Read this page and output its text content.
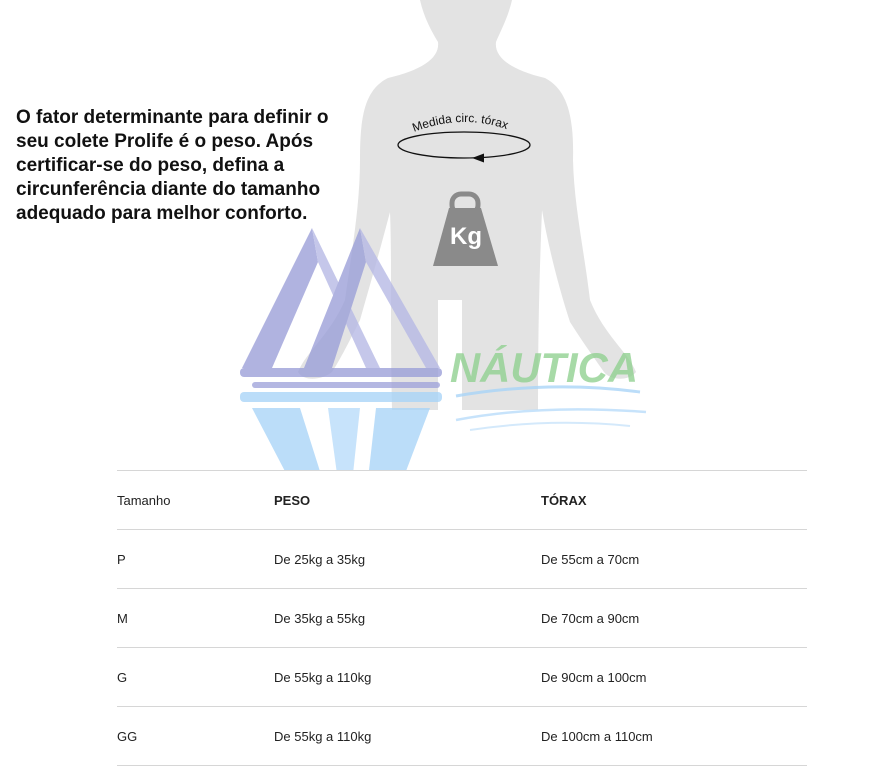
Medida circ. tórax
Kg
NÁUTICA

O fator determinante para definir o seu colete Prolife é o peso. Após certificar-se do peso, defina a circunferência diante do tamanho adequado para melhor conforto.

Tamanho	PESO	TÓRAX
P	De 25kg a 35kg	De 55cm a 70cm
M	De 35kg a 55kg	De 70cm a 90cm
G	De 55kg a 110kg	De 90cm a 100cm
GG	De 55kg a 110kg	De 100cm a 110cm
